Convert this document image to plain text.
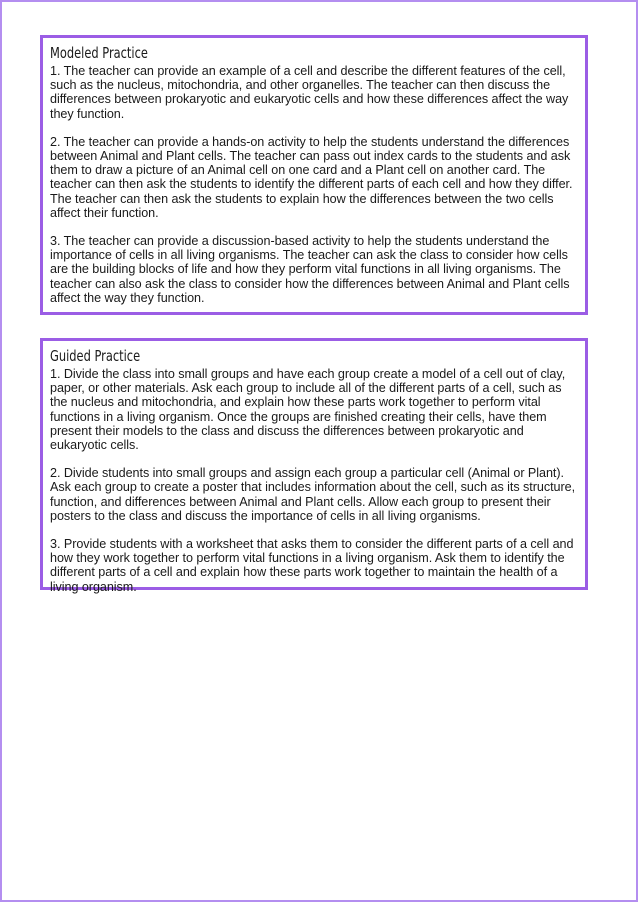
Modeled Practice

1. The teacher can provide an example of a cell and describe the different features of the cell, such as the nucleus, mitochondria, and other organelles. The teacher can then discuss the differences between prokaryotic and eukaryotic cells and how these differences affect the way they function.

2. The teacher can provide a hands-on activity to help the students understand the differences between Animal and Plant cells. The teacher can pass out index cards to the students and ask them to draw a picture of an Animal cell on one card and a Plant cell on another card. The teacher can then ask the students to identify the different parts of each cell and how they differ. The teacher can then ask the students to explain how the differences between the two cells affect their function.

3. The teacher can provide a discussion-based activity to help the students understand the importance of cells in all living organisms. The teacher can ask the class to consider how cells are the building blocks of life and how they perform vital functions in all living organisms. The teacher can also ask the class to consider how the differences between Animal and Plant cells affect the way they function.

Guided Practice

1. Divide the class into small groups and have each group create a model of a cell out of clay, paper, or other materials. Ask each group to include all of the different parts of a cell, such as the nucleus and mitochondria, and explain how these parts work together to perform vital functions in a living organism. Once the groups are finished creating their cells, have them present their models to the class and discuss the differences between prokaryotic and eukaryotic cells.

2. Divide students into small groups and assign each group a particular cell (Animal or Plant). Ask each group to create a poster that includes information about the cell, such as its structure, function, and differences between Animal and Plant cells. Allow each group to present their posters to the class and discuss the importance of cells in all living organisms.

3. Provide students with a worksheet that asks them to consider the different parts of a cell and how they work together to perform vital functions in a living organism. Ask them to identify the different parts of a cell and explain how these parts work together to maintain the health of a living organism.
